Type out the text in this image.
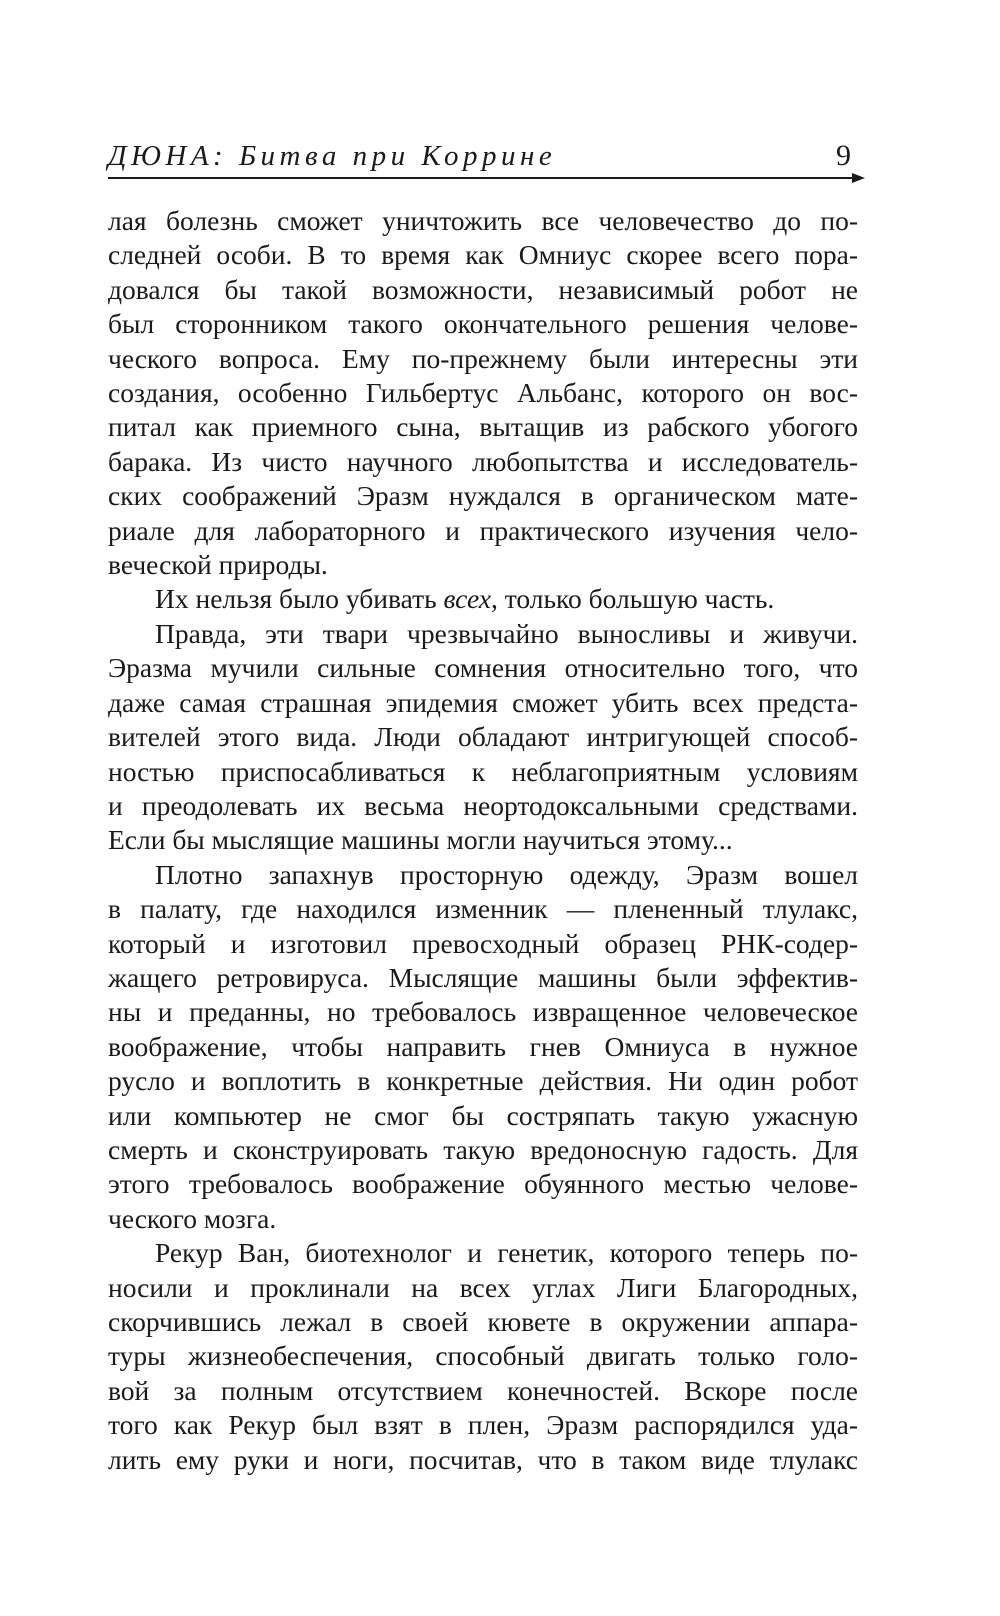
ДЮНА: Битва при Коррине	9

лая болезнь сможет уничтожить все человечество до по-

следней особи. В то время как Омниус скорее всего пора-

довался бы такой возможности, независимый робот не

был сторонником такого окончательного решения челове-

ческого вопроса. Ему по-прежнему были интересны эти

создания, особенно Гильбертус Альбанс, которого он вос-

питал как приемного сына, вытащив из рабского убогого

барака. Из чисто научного любопытства и исследователь-

ских соображений Эразм нуждался в органическом мате-

риале для лабораторного и практического изучения чело-

веческой природы.

Их нельзя было убивать всех, только большую часть.

Правда, эти твари чрезвычайно выносливы и живучи.

Эразма мучили сильные сомнения относительно того, что

даже самая страшная эпидемия сможет убить всех предста-

вителей этого вида. Люди обладают интригующей способ-

ностью приспосабливаться к неблагоприятным условиям

и преодолевать их весьма неортодоксальными средствами.

Если бы мыслящие машины могли научиться этому...

Плотно запахнув просторную одежду, Эразм вошел

в палату, где находился изменник — плененный тлулакс,

который и изготовил превосходный образец РНК-содер-

жащего ретровируса. Мыслящие машины были эффектив-

ны и преданны, но требовалось извращенное человеческое

воображение, чтобы направить гнев Омниуса в нужное

русло и воплотить в конкретные действия. Ни один робот

или компьютер не смог бы состряпать такую ужасную

смерть и сконструировать такую вредоносную гадость. Для

этого требовалось воображение обуянного местью челове-

ческого мозга.

Рекур Ван, биотехнолог и генетик, которого теперь по-

носили и проклинали на всех углах Лиги Благородных,

скорчившись лежал в своей кювете в окружении аппара-

туры жизнеобеспечения, способный двигать только голо-

вой за полным отсутствием конечностей. Вскоре после

того как Рекур был взят в плен, Эразм распорядился уда-

лить ему руки и ноги, посчитав, что в таком виде тлулакс
